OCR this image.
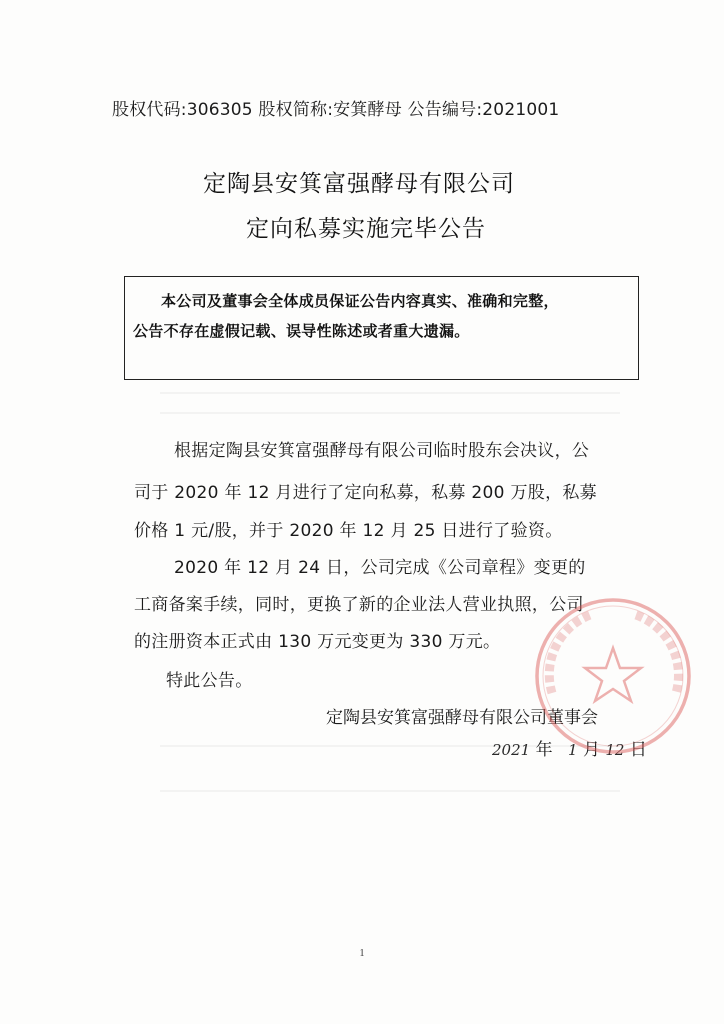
股权代码:306305 股权简称:安箕酵母 公告编号:2021001
定陶县安箕富强酵母有限公司
定向私募实施完毕公告
本公司及董事会全体成员保证公告内容真实、准确和完整，
公告不存在虚假记载、误导性陈述或者重大遗漏。
根据定陶县安箕富强酵母有限公司临时股东会决议，公
司于 2020 年 12 月进行了定向私募，私募 200 万股，私募
价格 1 元/股，并于 2020 年 12 月 25 日进行了验资。
2020 年 12 月 24 日，公司完成《公司章程》变更的
工商备案手续，同时，更换了新的企业法人营业执照，公司
的注册资本正式由 130 万元变更为 330 万元。
特此公告。
定陶县安箕富强酵母有限公司董事会
2021 年 1 月 12 日
1
